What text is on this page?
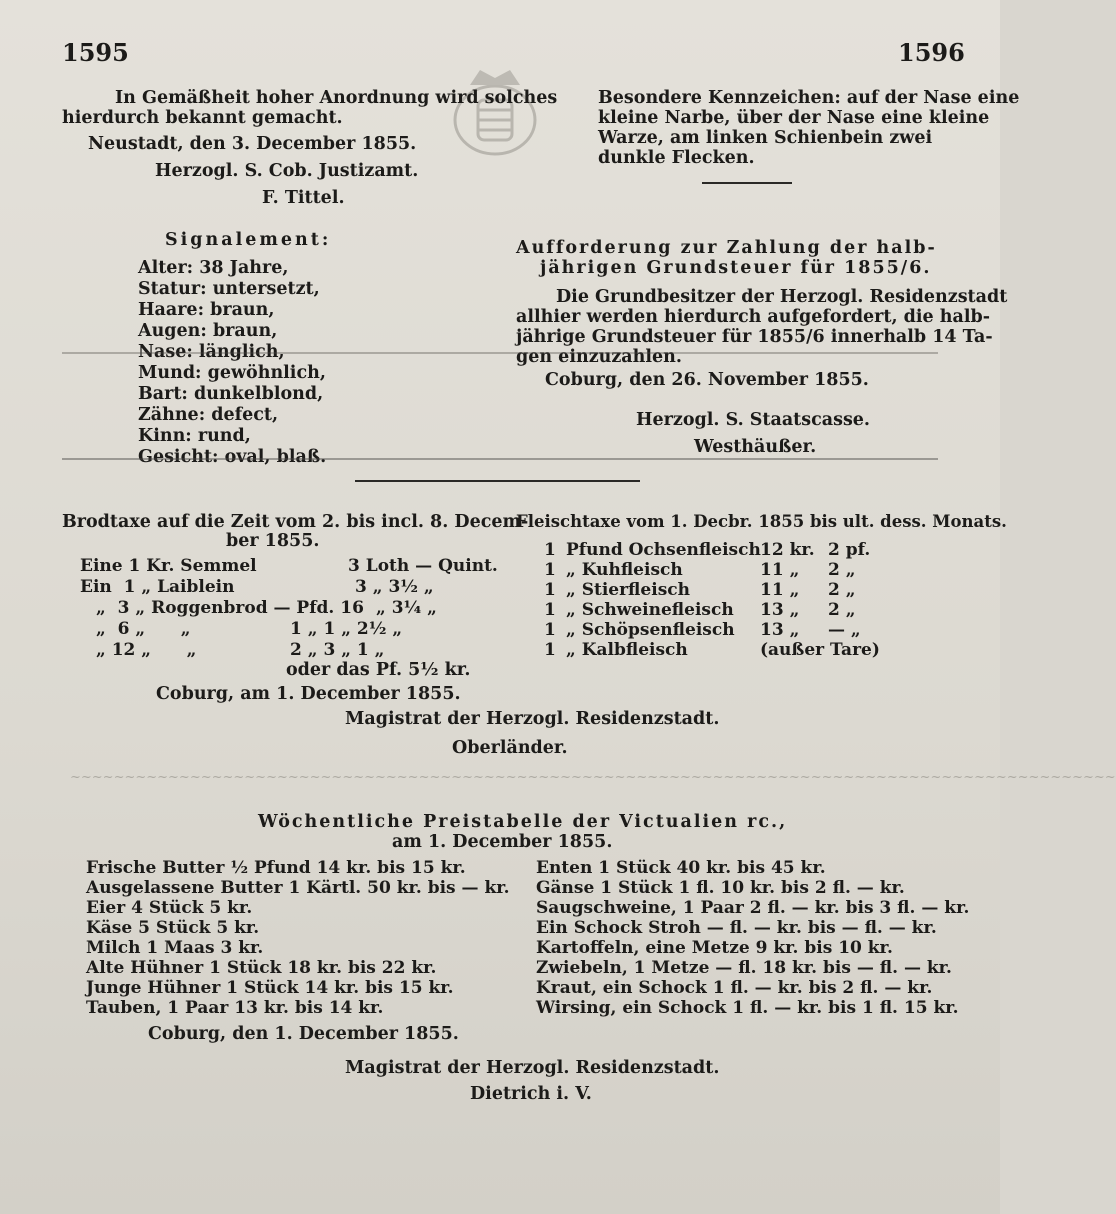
1595	1596
In Gemäßheit hoher Anordnung wird solches
hierdurch bekannt gemacht.
Neustadt, den 3. December 1855.
Herzogl. S. Cob. Justizamt.
F. Tittel.
Signalement:
Alter: 38 Jahre,
Statur: untersetzt,
Haare: braun,
Augen: braun,
Nase: länglich,
Mund: gewöhnlich,
Bart: dunkelblond,
Zähne: defect,
Kinn: rund,
Gesicht: oval, blaß.
Besondere Kennzeichen: auf der Nase eine
kleine Narbe, über der Nase eine kleine
Warze, am linken Schienbein zwei
dunkle Flecken.
Aufforderung zur Zahlung der halb-
jährigen Grundsteuer für 1855/6.
Die Grundbesitzer der Herzogl. Residenzstadt
allhier werden hierdurch aufgefordert, die halb-
jährige Grundsteuer für 1855/6 innerhalb 14 Ta-
gen einzuzahlen.
Coburg, den 26. November 1855.
Herzogl. S. Staatscasse.
Westhäußer.
Brodtaxe auf die Zeit vom 2. bis incl. 8. Decem-
ber 1855.
Eine 1 Kr. Semmel	3 Loth — Quint.
Ein 1 „ Laiblein	3 „ 3½ „
„ 3 „ Roggenbrod — Pfd. 16 „ 3¼ „
„ 6 „ „	1 „ 1 „ 2½ „
„ 12 „ „	2 „ 3 „ 1 „
oder das Pf. 5½ kr.
Coburg, am 1. December 1855.
Fleischtaxe vom 1. Decbr. 1855 bis ult. dess. Monats.
1 Pfund Ochsenfleisch 12 kr. 2 pf.
1 „ Kuhfleisch	11 „ 2 „
1 „ Stierfleisch	11 „ 2 „
1 „ Schweinefleisch 13 „ 2 „
1 „ Schöpsenfleisch 13 „ — „
1 „ Kalbfleisch	(außer Tare)
Magistrat der Herzogl. Residenzstadt.
Oberländer.
~~~~~~~~~~~~~~~~~~~~~~~~~~~~~~~~~~~~~~~~~~~~~~~~~~~~~~~~~~~~~~~~~~~~~~~~~~~~~~~~~~~~~~~~~~~~~~~~
Wöchentliche Preistabelle der Victualien rc.,
am 1. December 1855.
Frische Butter ½ Pfund 14 kr. bis 15 kr.
Ausgelassene Butter 1 Kärtl. 50 kr. bis — kr.
Eier 4 Stück 5 kr.
Käse 5 Stück 5 kr.
Milch 1 Maas 3 kr.
Alte Hühner 1 Stück 18 kr. bis 22 kr.
Junge Hühner 1 Stück 14 kr. bis 15 kr.
Tauben, 1 Paar 13 kr. bis 14 kr.
Enten 1 Stück 40 kr. bis 45 kr.
Gänse 1 Stück 1 fl. 10 kr. bis 2 fl. — kr.
Saugschweine, 1 Paar 2 fl. — kr. bis 3 fl. — kr.
Ein Schock Stroh — fl. — kr. bis — fl. — kr.
Kartoffeln, eine Metze 9 kr. bis 10 kr.
Zwiebeln, 1 Metze — fl. 18 kr. bis — fl. — kr.
Kraut, ein Schock 1 fl. — kr. bis 2 fl. — kr.
Wirsing, ein Schock 1 fl. — kr. bis 1 fl. 15 kr.
Coburg, den 1. December 1855.
Magistrat der Herzogl. Residenzstadt.
Dietrich i. V.
